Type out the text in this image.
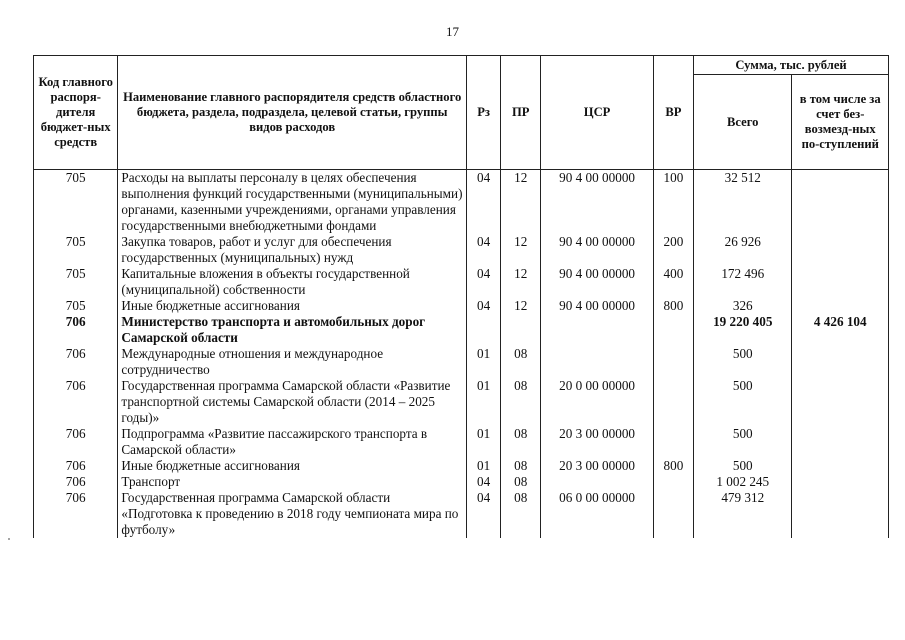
17
Код главного распоря-дителя бюджет-ных средств	Наименование главного распорядителя средств областного бюджета, раздела, подраздела, целевой статьи, группы видов расходов	Рз	ПР	ЦСР	ВР	Сумма, тыс. рублей	
						Всего	в том числе за счет без-возмезд-ных по-ступлений
705	Расходы на выплаты персоналу в целях обеспечения выполнения функций государственными (муниципальными) органами, казенными учреждениями, органами управления государственными внебюджетными фондами	04	12	90 4 00 00000	100	32 512	
705	Закупка товаров, работ и услуг для обеспечения государственных (муниципальных) нужд	04	12	90 4 00 00000	200	26 926	
705	Капитальные вложения в объекты государственной (муниципальной) собственности	04	12	90 4 00 00000	400	172 496	
705	Иные бюджетные ассигнования	04	12	90 4 00 00000	800	326	
706	Министерство транспорта и автомобильных дорог Самарской области					19 220 405	4 426 104
706	Международные отношения и международное сотрудничество	01	08			500	
706	Государственная программа Самарской области «Развитие транспортной системы Самарской области (2014 – 2025 годы)»	01	08	20 0 00 00000		500	
706	Подпрограмма «Развитие пассажирского транспорта в Самарской области»	01	08	20 3 00 00000		500	
706	Иные бюджетные ассигнования	01	08	20 3 00 00000	800	500	
706	Транспорт	04	08			1 002 245	
706	Государственная программа Самарской области «Подготовка к проведению в 2018 году чемпионата мира по футболу»	04	08	06 0 00 00000		479 312	
